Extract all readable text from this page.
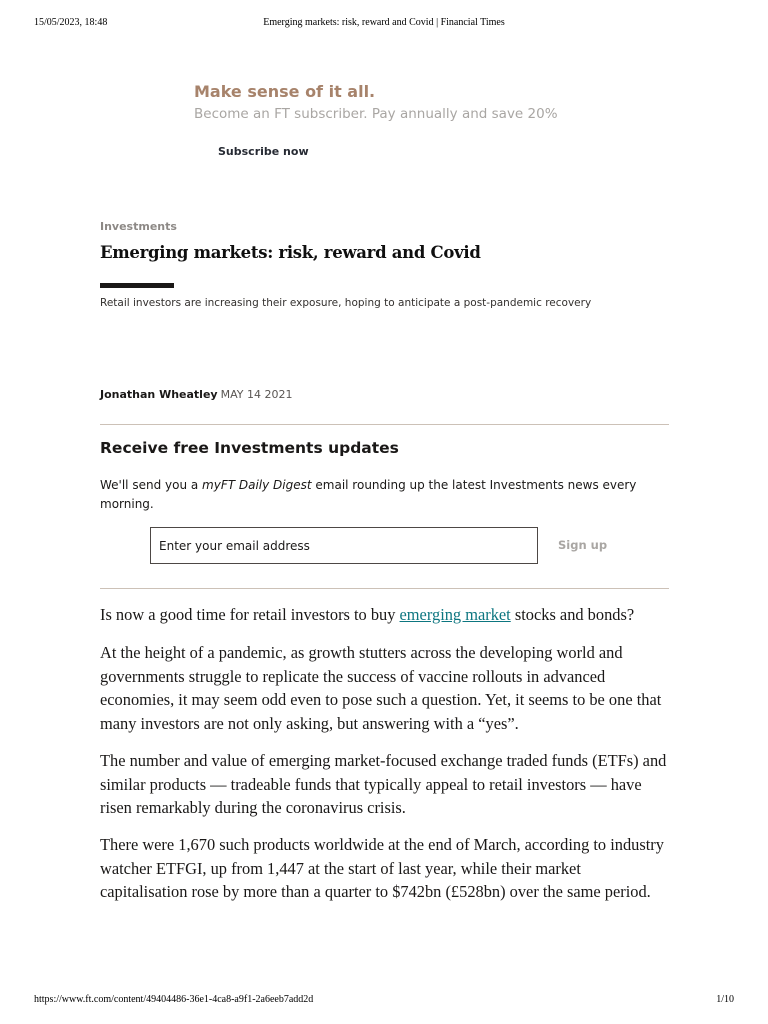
15/05/2023, 18:48	Emerging markets: risk, reward and Covid | Financial Times
Make sense of it all.
Become an FT subscriber. Pay annually and save 20%
Subscribe now
Investments
Emerging markets: risk, reward and Covid
Retail investors are increasing their exposure, hoping to anticipate a post-pandemic recovery
Jonathan Wheatley MAY 14 2021
Receive free Investments updates

We'll send you a myFT Daily Digest email rounding up the latest Investments news every morning.

Enter your email address
Sign up

Is now a good time for retail investors to buy emerging market stocks and bonds?

At the height of a pandemic, as growth stutters across the developing world and governments struggle to replicate the success of vaccine rollouts in advanced economies, it may seem odd even to pose such a question. Yet, it seems to be one that many investors are not only asking, but answering with a “yes”.

The number and value of emerging market-focused exchange traded funds (ETFs) and similar products — tradeable funds that typically appeal to retail investors — have risen remarkably during the coronavirus crisis.

There were 1,670 such products worldwide at the end of March, according to industry watcher ETFGI, up from 1,447 at the start of last year, while their market capitalisation rose by more than a quarter to $742bn (£528bn) over the same period.

https://www.ft.com/content/49404486-36e1-4ca8-a9f1-2a6eeb7add2d	1/10
